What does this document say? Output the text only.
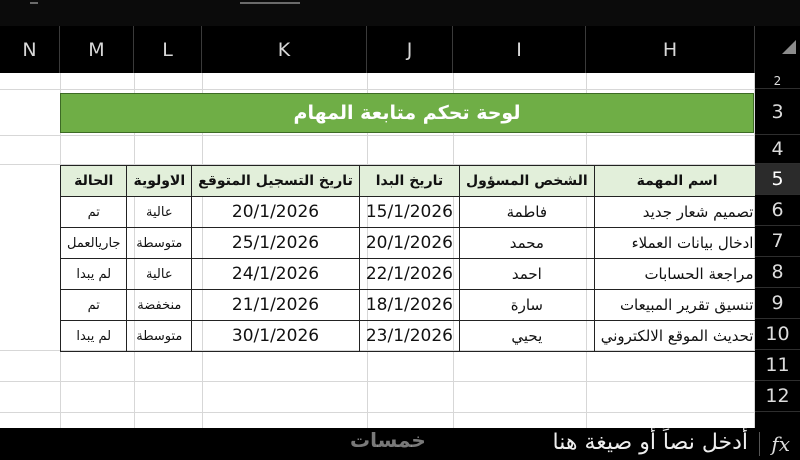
N	M	L	K	J	I	H
لوحة تحكم متابعة المهام
الحالة	الاولوية	تاريخ التسجيل المتوقع	تاريخ البدا	الشخص المسؤول	اسم المهمة
تم	عالية	20/1/2026	15/1/2026	فاطمة	تصميم شعار جديد
جاريالعمل	متوسطة	25/1/2026	20/1/2026	محمد	ادخال بيانات العملاء
لم يبدا	عالية	24/1/2026	22/1/2026	احمد	مراجعة الحسابات
تم	منخفضة	21/1/2026	18/1/2026	سارة	تنسيق تقرير المبيعات
لم يبدا	متوسطة	30/1/2026	23/1/2026	يحيي	تحديث الموقع الالكتروني
2
3
4
5
6
7
8
9
10
11
12
أدخل نصاً أو صيغة هنا fx
خمسات
